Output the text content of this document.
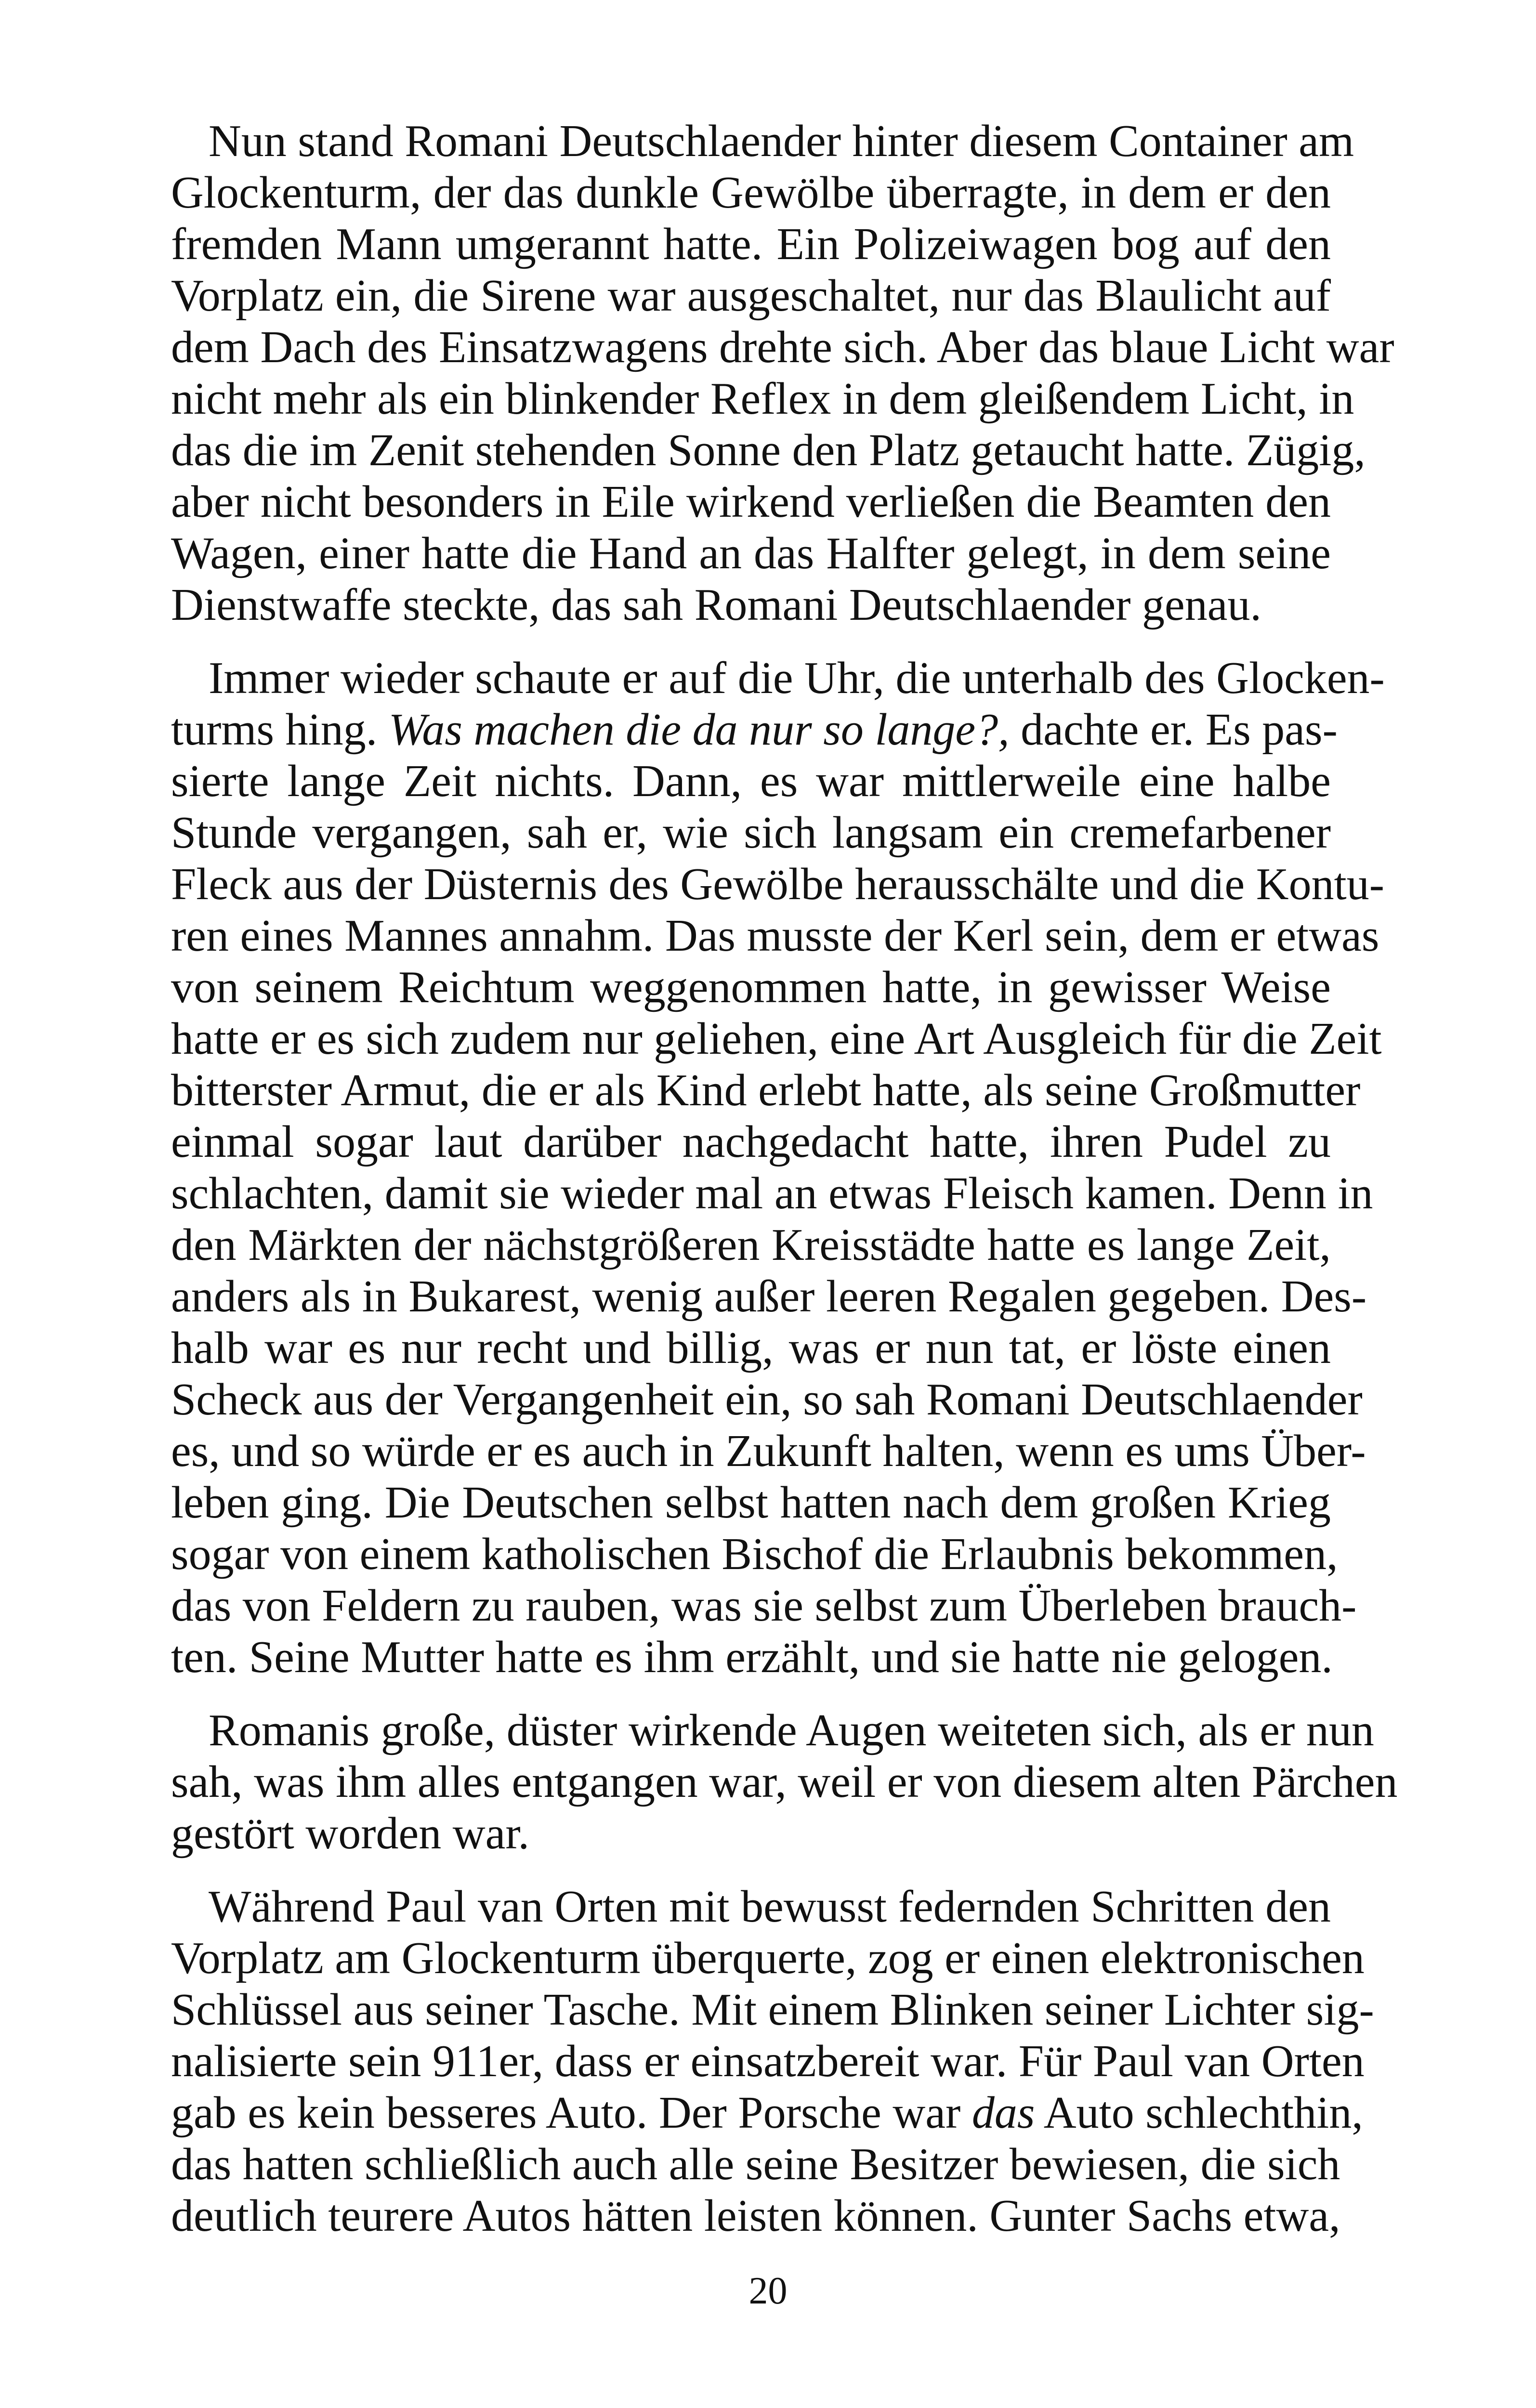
Nun stand Romani Deutschlaender hinter diesem Container am
Glockenturm, der das dunkle Gewölbe überragte, in dem er den
fremden Mann umgerannt hatte. Ein Polizeiwagen bog auf den
Vorplatz ein, die Sirene war ausgeschaltet, nur das Blaulicht auf
dem Dach des Einsatzwagens drehte sich. Aber das blaue Licht war
nicht mehr als ein blinkender Reflex in dem gleißendem Licht, in
das die im Zenit stehenden Sonne den Platz getaucht hatte. Zügig,
aber nicht besonders in Eile wirkend verließen die Beamten den
Wagen, einer hatte die Hand an das Halfter gelegt, in dem seine
Dienstwaffe steckte, das sah Romani Deutschlaender genau.

Immer wieder schaute er auf die Uhr, die unterhalb des Glocken-
turms hing. Was machen die da nur so lange?, dachte er. Es pas-
sierte lange Zeit nichts. Dann, es war mittlerweile eine halbe
Stunde vergangen, sah er, wie sich langsam ein cremefarbener
Fleck aus der Düsternis des Gewölbe herausschälte und die Kontu-
ren eines Mannes annahm. Das musste der Kerl sein, dem er etwas
von seinem Reichtum weggenommen hatte, in gewisser Weise
hatte er es sich zudem nur geliehen, eine Art Ausgleich für die Zeit
bitterster Armut, die er als Kind erlebt hatte, als seine Großmutter
einmal sogar laut darüber nachgedacht hatte, ihren Pudel zu
schlachten, damit sie wieder mal an etwas Fleisch kamen. Denn in
den Märkten der nächstgrößeren Kreisstädte hatte es lange Zeit,
anders als in Bukarest, wenig außer leeren Regalen gegeben. Des-
halb war es nur recht und billig, was er nun tat, er löste einen
Scheck aus der Vergangenheit ein, so sah Romani Deutschlaender
es, und so würde er es auch in Zukunft halten, wenn es ums Über-
leben ging. Die Deutschen selbst hatten nach dem großen Krieg
sogar von einem katholischen Bischof die Erlaubnis bekommen,
das von Feldern zu rauben, was sie selbst zum Überleben brauch-
ten. Seine Mutter hatte es ihm erzählt, und sie hatte nie gelogen.

Romanis große, düster wirkende Augen weiteten sich, als er nun
sah, was ihm alles entgangen war, weil er von diesem alten Pärchen
gestört worden war.

Während Paul van Orten mit bewusst federnden Schritten den
Vorplatz am Glockenturm überquerte, zog er einen elektronischen
Schlüssel aus seiner Tasche. Mit einem Blinken seiner Lichter sig-
nalisierte sein 911er, dass er einsatzbereit war. Für Paul van Orten
gab es kein besseres Auto. Der Porsche war das Auto schlechthin,
das hatten schließlich auch alle seine Besitzer bewiesen, die sich
deutlich teurere Autos hätten leisten können. Gunter Sachs etwa,

20
